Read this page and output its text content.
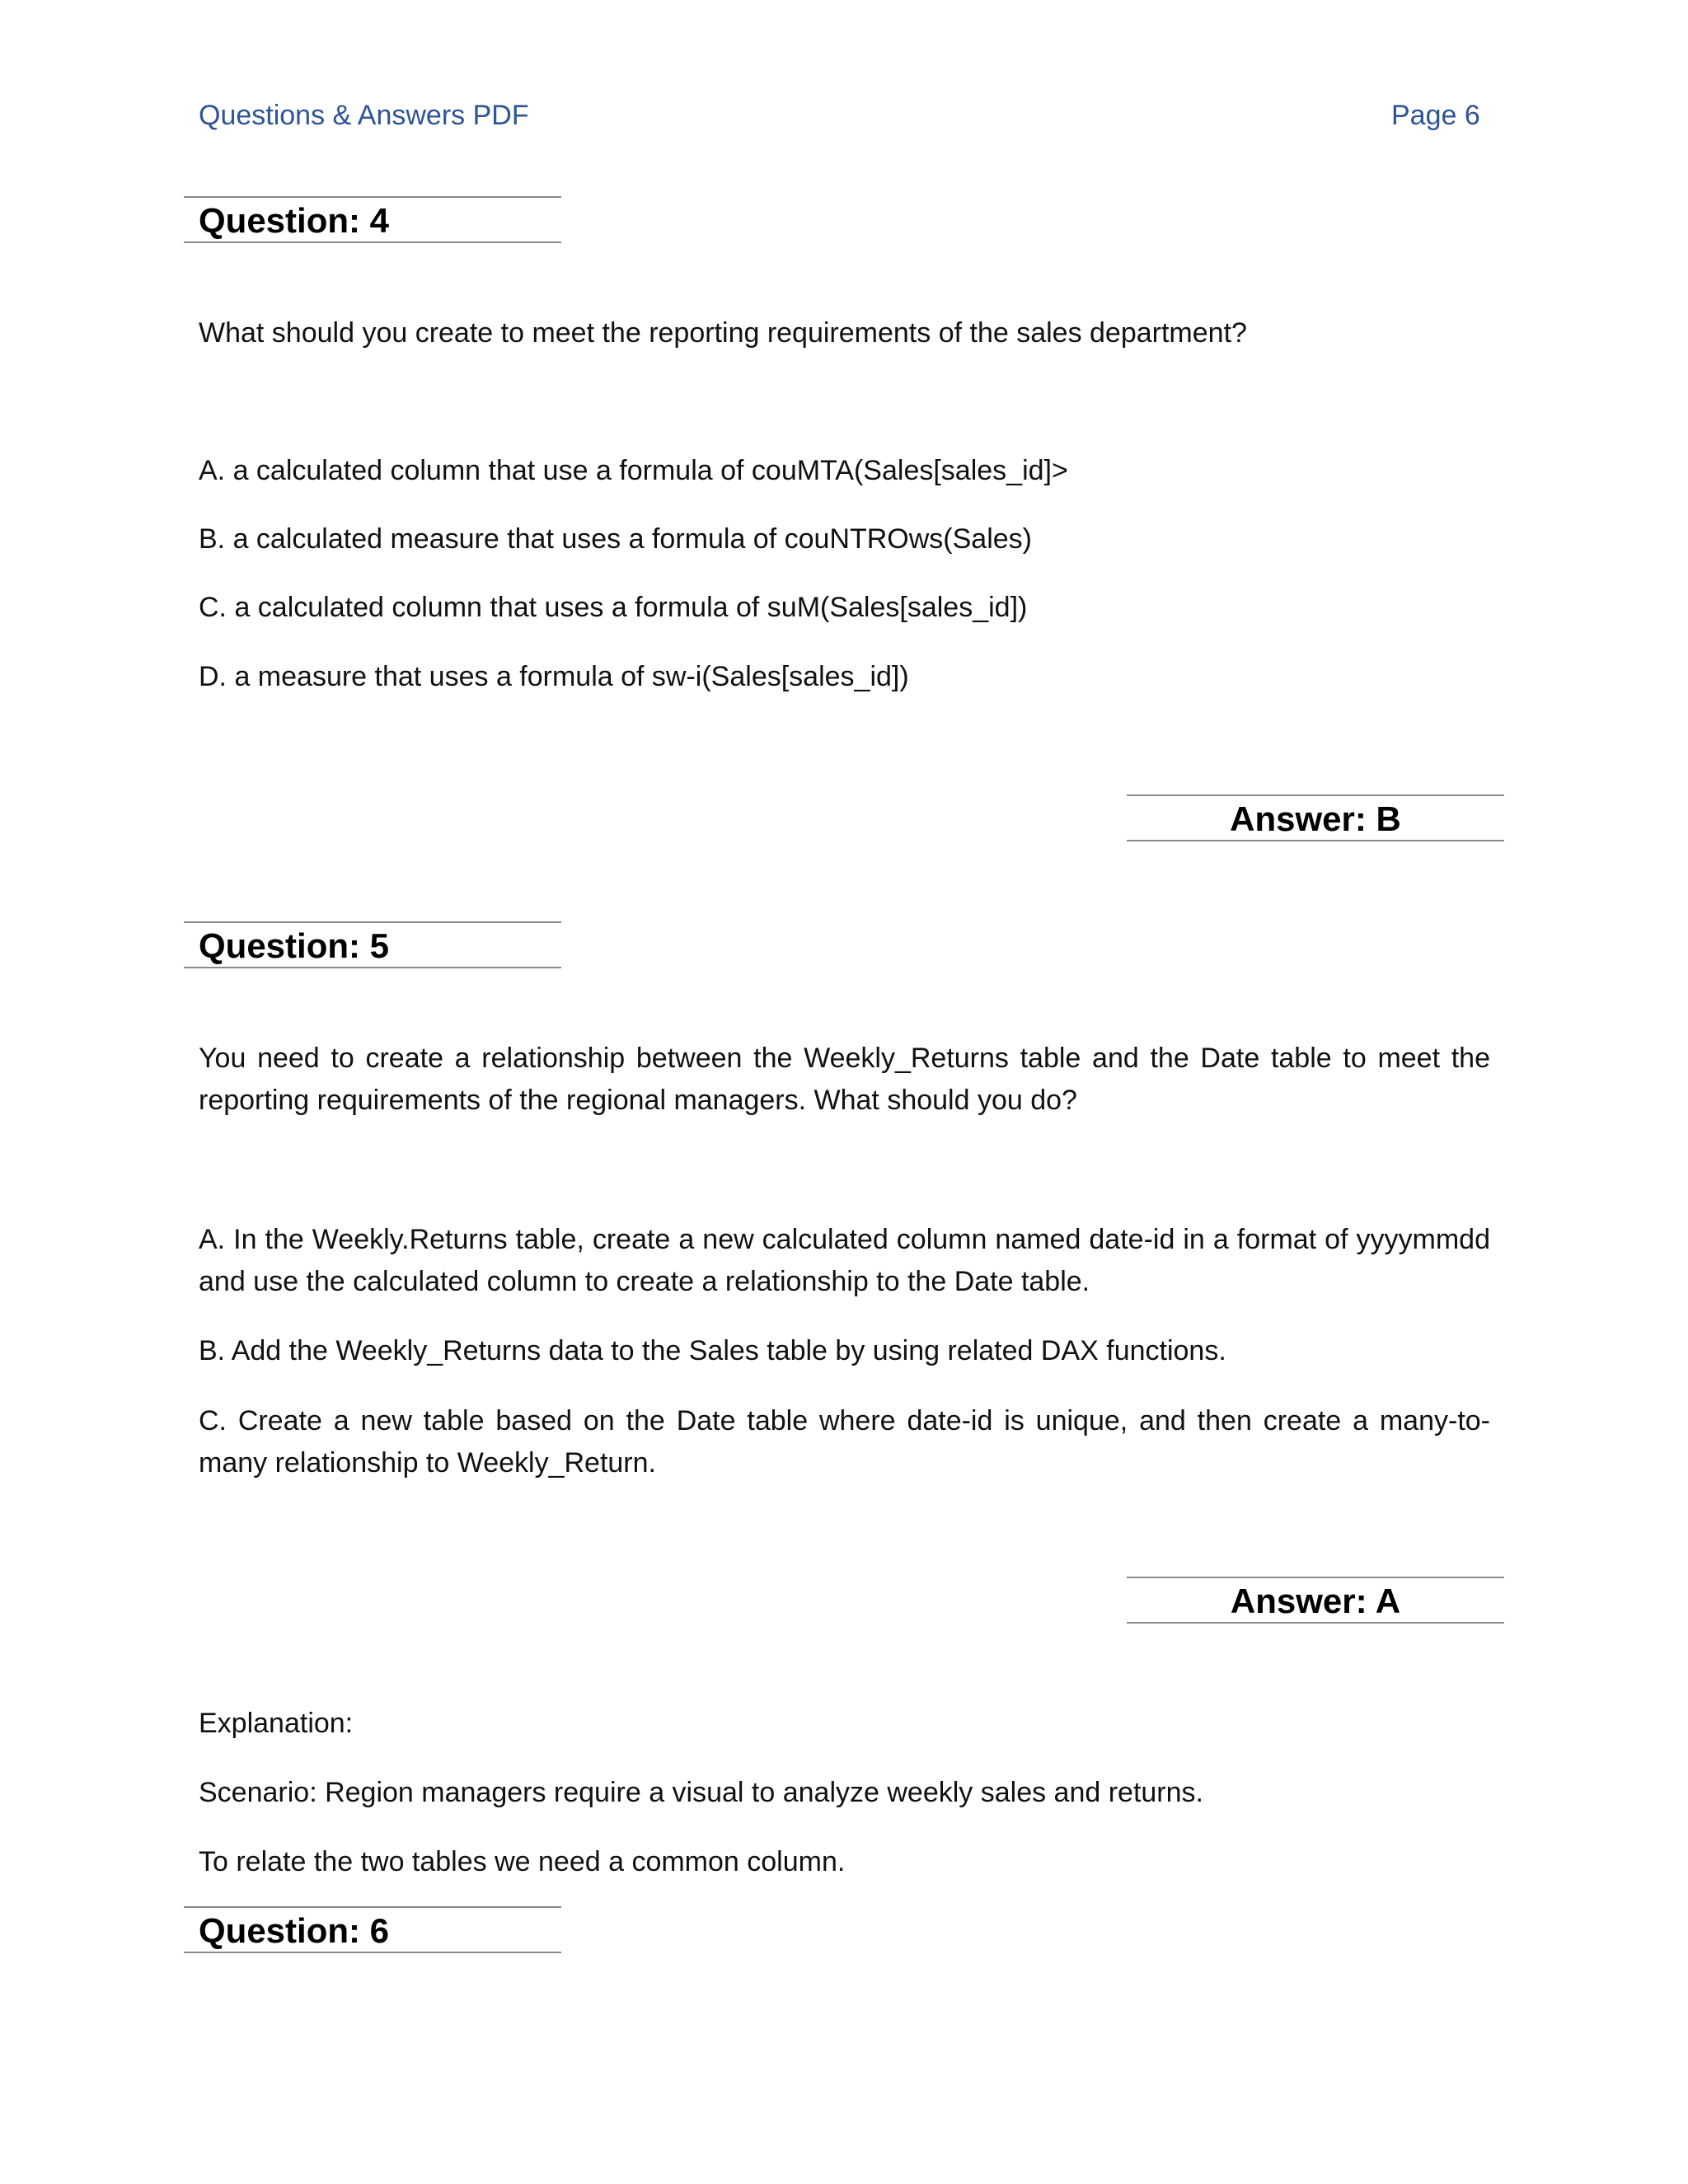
Questions & Answers PDF	Page 6
Question: 4
What should you create to meet the reporting requirements of the sales department?
A. a calculated column that use a formula of couMTA(Sales[sales_id]>
B. a calculated measure that uses a formula of couNTROws(Sales)
C. a calculated column that uses a formula of suM(Sales[sales_id])
D. a measure that uses a formula of sw-i(Sales[sales_id])
Answer: B
Question: 5
You need to create a relationship between the Weekly_Returns table and the Date table to meet the reporting requirements of the regional managers. What should you do?
A. In the Weekly.Returns table, create a new calculated column named date-id in a format of yyyymmdd and use the calculated column to create a relationship to the Date table.
B. Add the Weekly_Returns data to the Sales table by using related DAX functions.
C. Create a new table based on the Date table where date-id is unique, and then create a many-to-many relationship to Weekly_Return.
Answer: A
Explanation:
Scenario: Region managers require a visual to analyze weekly sales and returns.
To relate the two tables we need a common column.
Question: 6
